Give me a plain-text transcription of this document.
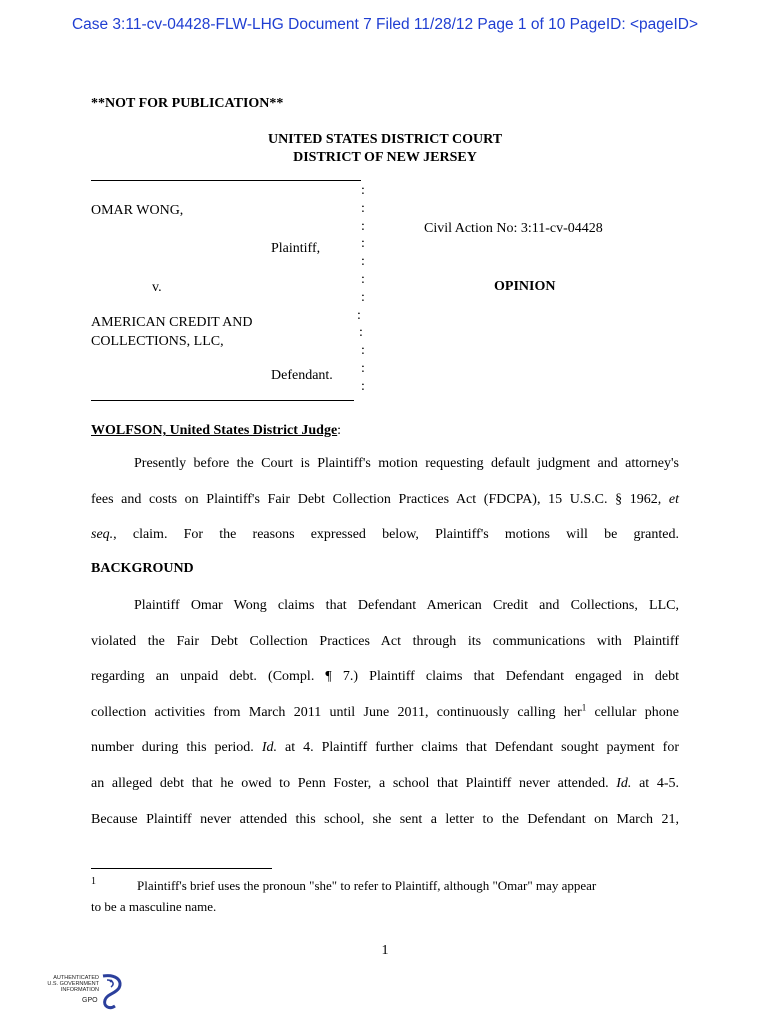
Case 3:11-cv-04428-FLW-LHG Document 7 Filed 11/28/12 Page 1 of 10 PageID: <pageID>
**NOT FOR PUBLICATION**
UNITED STATES DISTRICT COURT
DISTRICT OF NEW JERSEY
:
:
:
:
:
:
:
:
:
:
:
:
OMAR WONG,
Plaintiff,
v.
AMERICAN CREDIT AND
COLLECTIONS, LLC,
Defendant.
Civil Action No: 3:11-cv-04428
OPINION
WOLFSON, United States District Judge:
Presently before the Court is Plaintiff's motion requesting default judgment and attorney's
fees and costs on Plaintiff's Fair Debt Collection Practices Act (FDCPA), 15 U.S.C. § 1962, et
seq., claim. For the reasons expressed below, Plaintiff's motions will be granted.
BACKGROUND
Plaintiff Omar Wong claims that Defendant American Credit and Collections, LLC,
violated the Fair Debt Collection Practices Act through its communications with Plaintiff
regarding an unpaid debt. (Compl. ¶ 7.) Plaintiff claims that Defendant engaged in debt
collection activities from March 2011 until June 2011, continuously calling her$^1$ cellular phone
number during this period. Id. at 4. Plaintiff further claims that Defendant sought payment for
an alleged debt that he owed to Penn Foster, a school that Plaintiff never attended. Id. at 4-5.
Because Plaintiff never attended this school, she sent a letter to the Defendant on March 21,
1	Plaintiff's brief uses the pronoun "she" to refer to Plaintiff, although "Omar" may appear
to be a masculine name.
1
AUTHENTICATED
U.S. GOVERNMENT
INFORMATION
GPO
